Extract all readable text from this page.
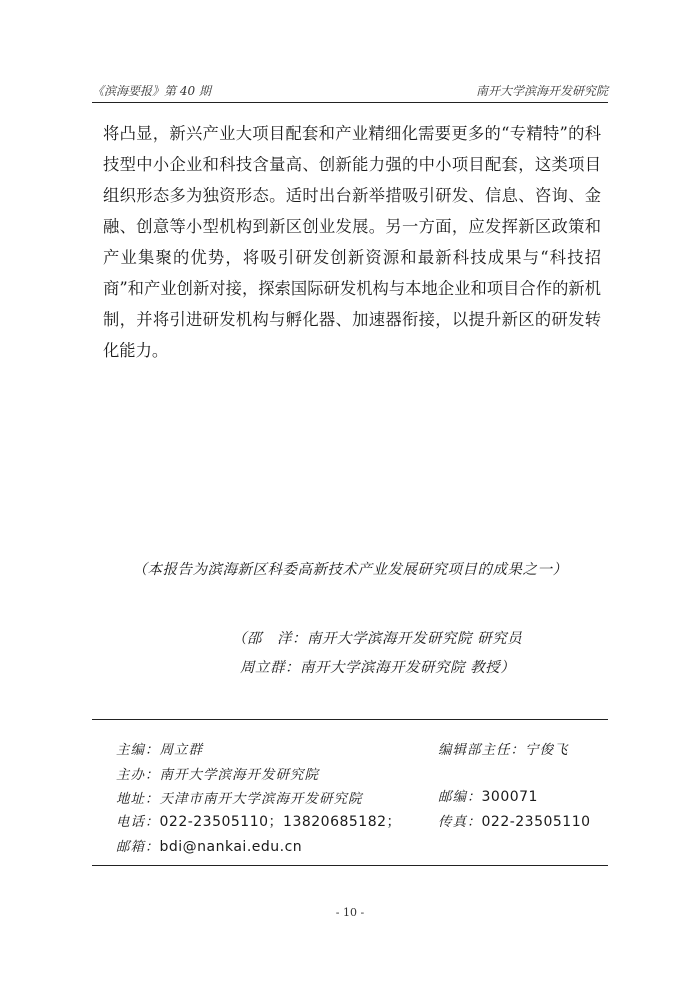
《滨海要报》第 40 期	南开大学滨海开发研究院
将凸显，新兴产业大项目配套和产业精细化需要更多的“专精特”的科技型中小企业和科技含量高、创新能力强的中小项目配套，这类项目组织形态多为独资形态。适时出台新举措吸引研发、信息、咨询、金融、创意等小型机构到新区创业发展。另一方面，应发挥新区政策和产业集聚的优势，将吸引研发创新资源和最新科技成果与“科技招商”和产业创新对接，探索国际研发机构与本地企业和项目合作的新机制，并将引进研发机构与孵化器、加速器衔接，以提升新区的研发转化能力。
（本报告为滨海新区科委高新技术产业发展研究项目的成果之一）
（邵　洋：南开大学滨海开发研究院 研究员
周立群：南开大学滨海开发研究院 教授）
主编：周立群	编辑部主任：宁俊飞
主办：南开大学滨海开发研究院
地址：天津市南开大学滨海开发研究院	邮编：300071
电话：022-23505110；13820685182；	传真：022-23505110
邮箱：bdi@nankai.edu.cn
- 10 -
